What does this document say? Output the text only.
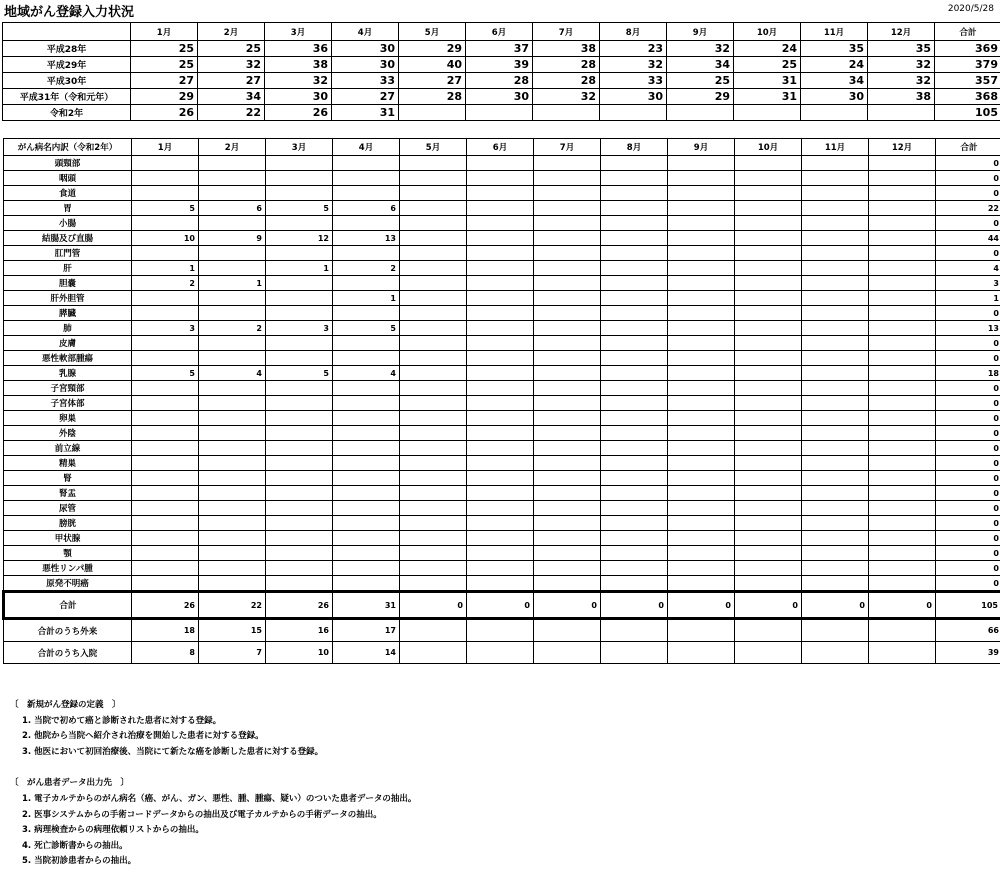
地域がん登録入力状況	2020/5/28
	1月	2月	3月	4月	5月	6月	7月	8月	9月	10月	11月	12月	合計
平成28年	25	25	36	30	29	37	38	23	32	24	35	35	369
平成29年	25	32	38	30	40	39	28	32	34	25	24	32	379
平成30年	27	27	32	33	27	28	28	33	25	31	34	32	357
平成31年（令和元年）	29	34	30	27	28	30	32	30	29	31	30	38	368
令和2年	26	22	26	31									105
がん病名内訳（令和2年）	1月	2月	3月	4月	5月	6月	7月	8月	9月	10月	11月	12月	合計
頭頸部													0
咽頭													0
食道													0
胃	5	6	5	6									22
小腸													0
結腸及び直腸	10	9	12	13									44
肛門管													0
肝	1		1	2									4
胆嚢	2	1											3
肝外胆管				1									1
膵臓													0
肺	3	2	3	5									13
皮膚													0
悪性軟部腫瘍													0
乳腺	5	4	5	4									18
子宮頸部													0
子宮体部													0
卵巣													0
外陰													0
前立線													0
精巣													0
腎													0
腎盂													0
尿管													0
膀胱													0
甲状腺													0
顎													0
悪性リンパ腫													0
原発不明癌													0
合計	26	22	26	31	0	0	0	0	0	0	0	0	105
合計のうち外来	18	15	16	17									66
合計のうち入院	8	7	10	14									39
〔　新規がん登録の定義　〕
1. 当院で初めて癌と診断された患者に対する登録。
2. 他院から当院へ紹介され治療を開始した患者に対する登録。
3. 他医において初回治療後、当院にて新たな癌を診断した患者に対する登録。
〔　がん患者データ出力先　〕
1. 電子カルテからのがん病名（癌、がん、ガン、悪性、腫、腫瘍、疑い）のついた患者データの抽出。
2. 医事システムからの手術コードデータからの抽出及び電子カルテからの手術データの抽出。
3. 病理検査からの病理依頼リストからの抽出。
4. 死亡診断書からの抽出。
5. 当院初診患者からの抽出。
